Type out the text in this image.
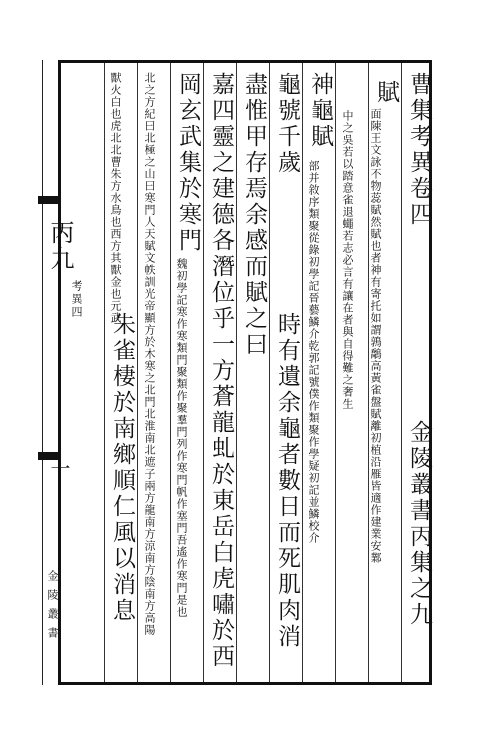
丙九
考異四
一
金陵叢書
曹集考異卷四
金陵叢書丙集之九
賦
面陳王文詠不物蕊賦然賦也者神有寄托如謂鶉鷮高黃雀盤賦離初植沿雁皆適作建業安鄴
中之吳若以踏意雀退蠅若志必言有讓在者與自得難之奢生
神龜賦
部并敘序類聚從錄初學記晉藝鱗介乾郭記號僕作類聚作學疑初記並鱗校介
龜號千歲
時有遺余龜者數日而死肌肉消
盡惟甲存焉余感而賦之曰
嘉四靈之建德各潛位乎一方蒼龍虬於東岳白虎嘯於西
岡玄武集於寒門
魏初學記寒作寒類門聚類作聚羣門列作寒門帆作塞門吾遙作寒門是也
北之方紀曰北極之山曰寒門人天賦文帙訓光帝顯方於木寒之北門北淮南北遮子兩方龍南方涼南方陰南方高陽
獸火白也虎北北曹朱方水鳥也西方其獸金也元武
朱雀棲於南鄉順仁風以消息
